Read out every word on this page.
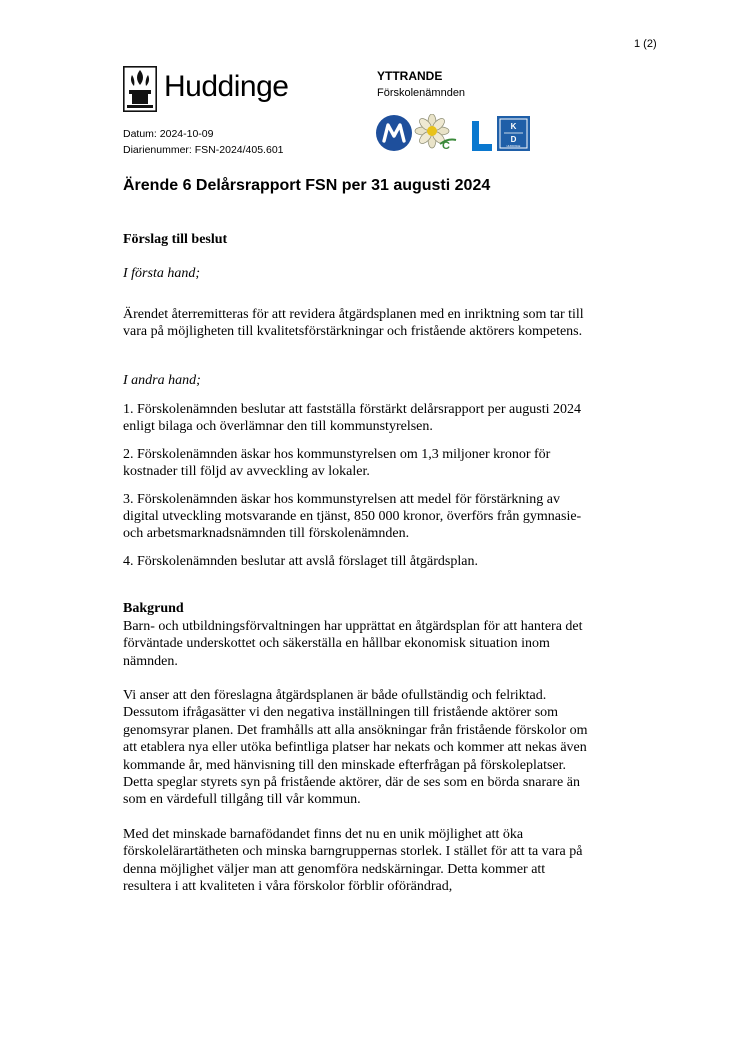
1 (2)
Huddinge	YTTRANDE
Förskolenämnden
Datum: 2024-10-09
Diarienummer: FSN-2024/405.601	C
K
D
HUDDINGE
Ärende 6 Delårsrapport FSN per 31 augusti 2024

Förslag till beslut

I första hand;

Ärendet återremitteras för att revidera åtgärdsplanen med en inriktning som tar till vara på möjligheten till kvalitetsförstärkningar och fristående aktörers kompetens.

I andra hand;

1. Förskolenämnden beslutar att fastställa förstärkt delårsrapport per augusti 2024 enligt bilaga och överlämnar den till kommunstyrelsen.

2. Förskolenämnden äskar hos kommunstyrelsen om 1,3 miljoner kronor för kostnader till följd av avveckling av lokaler.

3. Förskolenämnden äskar hos kommunstyrelsen att medel för förstärkning av digital utveckling motsvarande en tjänst, 850 000 kronor, överförs från gymnasie- och arbetsmarknadsnämnden till förskolenämnden.

4. Förskolenämnden beslutar att avslå förslaget till åtgärdsplan.

Bakgrund

Barn- och utbildningsförvaltningen har upprättat en åtgärdsplan för att hantera det förväntade underskottet och säkerställa en hållbar ekonomisk situation inom nämnden.

Vi anser att den föreslagna åtgärdsplanen är både ofullständig och felriktad. Dessutom ifrågasätter vi den negativa inställningen till fristående aktörer som genomsyrar planen. Det framhålls att alla ansökningar från fristående förskolor om att etablera nya eller utöka befintliga platser har nekats och kommer att nekas även kommande år, med hänvisning till den minskade efterfrågan på förskoleplatser. Detta speglar styrets syn på fristående aktörer, där de ses som en börda snarare än som en värdefull tillgång till vår kommun.

Med det minskade barnafödandet finns det nu en unik möjlighet att öka förskolelärartätheten och minska barngruppernas storlek. I stället för att ta vara på denna möjlighet väljer man att genomföra nedskärningar. Detta kommer att resultera i att kvaliteten i våra förskolor förblir oförändrad,
